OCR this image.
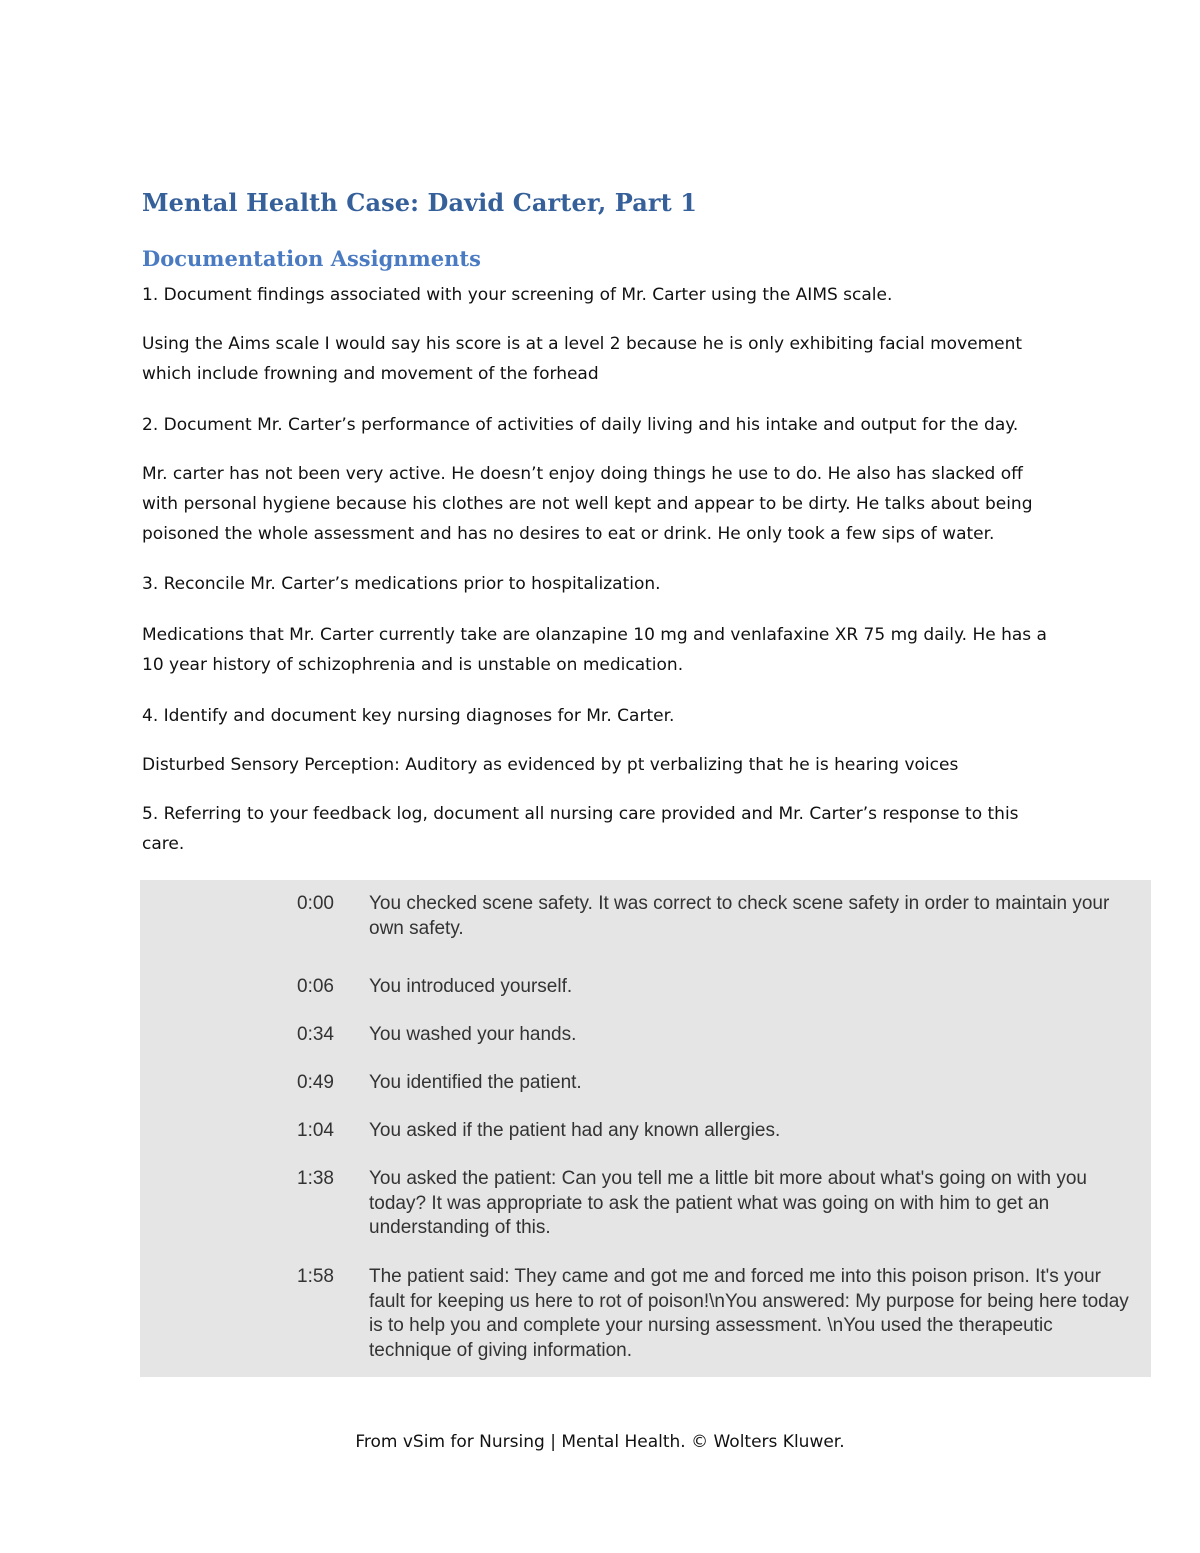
Mental Health Case: David Carter, Part 1
Documentation Assignments

1. Document findings associated with your screening of Mr. Carter using the AIMS scale.

Using the Aims scale I would say his score is at a level 2 because he is only exhibiting facial movement which include frowning and movement of the forhead

2. Document Mr. Carter’s performance of activities of daily living and his intake and output for the day.

Mr. carter has not been very active. He doesn’t enjoy doing things he use to do. He also has slacked off with personal hygiene because his clothes are not well kept and appear to be dirty. He talks about being poisoned the whole assessment and has no desires to eat or drink. He only took a few sips of water.

3. Reconcile Mr. Carter’s medications prior to hospitalization.

Medications that Mr. Carter currently take are olanzapine 10 mg and venlafaxine XR 75 mg daily. He has a 10 year history of schizophrenia and is unstable on medication.

4. Identify and document key nursing diagnoses for Mr. Carter.

Disturbed Sensory Perception: Auditory as evidenced by pt verbalizing that he is hearing voices

5. Referring to your feedback log, document all nursing care provided and Mr. Carter’s response to this care.

0:00 You checked scene safety. It was correct to check scene safety in order to maintain your own safety.
0:06 You introduced yourself.
0:34 You washed your hands.
0:49 You identified the patient.
1:04 You asked if the patient had any known allergies.
1:38 You asked the patient: Can you tell me a little bit more about what's going on with you today? It was appropriate to ask the patient what was going on with him to get an understanding of this.
1:58 The patient said: They came and got me and forced me into this poison prison. It's your fault for keeping us here to rot of poison!\nYou answered: My purpose for being here today is to help you and complete your nursing assessment. \nYou used the therapeutic technique of giving information.
From vSim for Nursing | Mental Health. © Wolters Kluwer.
